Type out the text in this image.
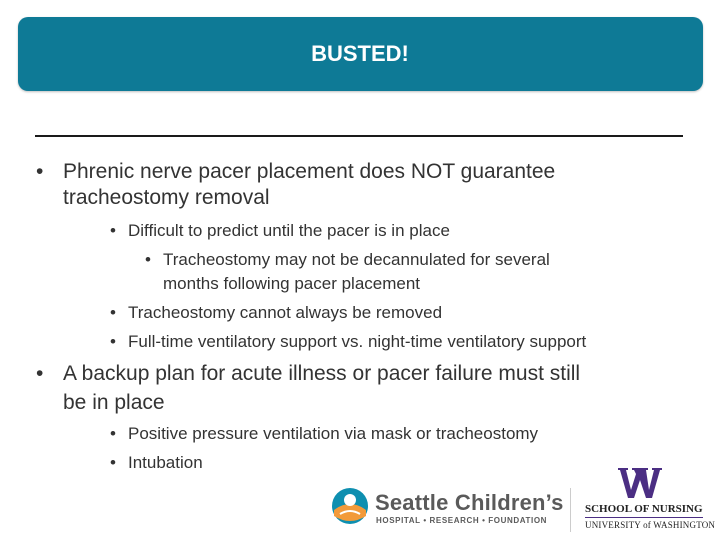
BUSTED!
• Phrenic nerve pacer placement does NOT guarantee
tracheostomy removal
• Difficult to predict until the pacer is in place
• Tracheostomy may not be decannulated for several
months following pacer placement
• Tracheostomy cannot always be removed
• Full-time ventilatory support vs. night-time ventilatory support
• A backup plan for acute illness or pacer failure must still
be in place
• Positive pressure ventilation via mask or tracheostomy
• Intubation
Seattle Children’s
HOSPITAL • RESEARCH • FOUNDATION
SCHOOL OF NURSING
UNIVERSITY of WASHINGTON
